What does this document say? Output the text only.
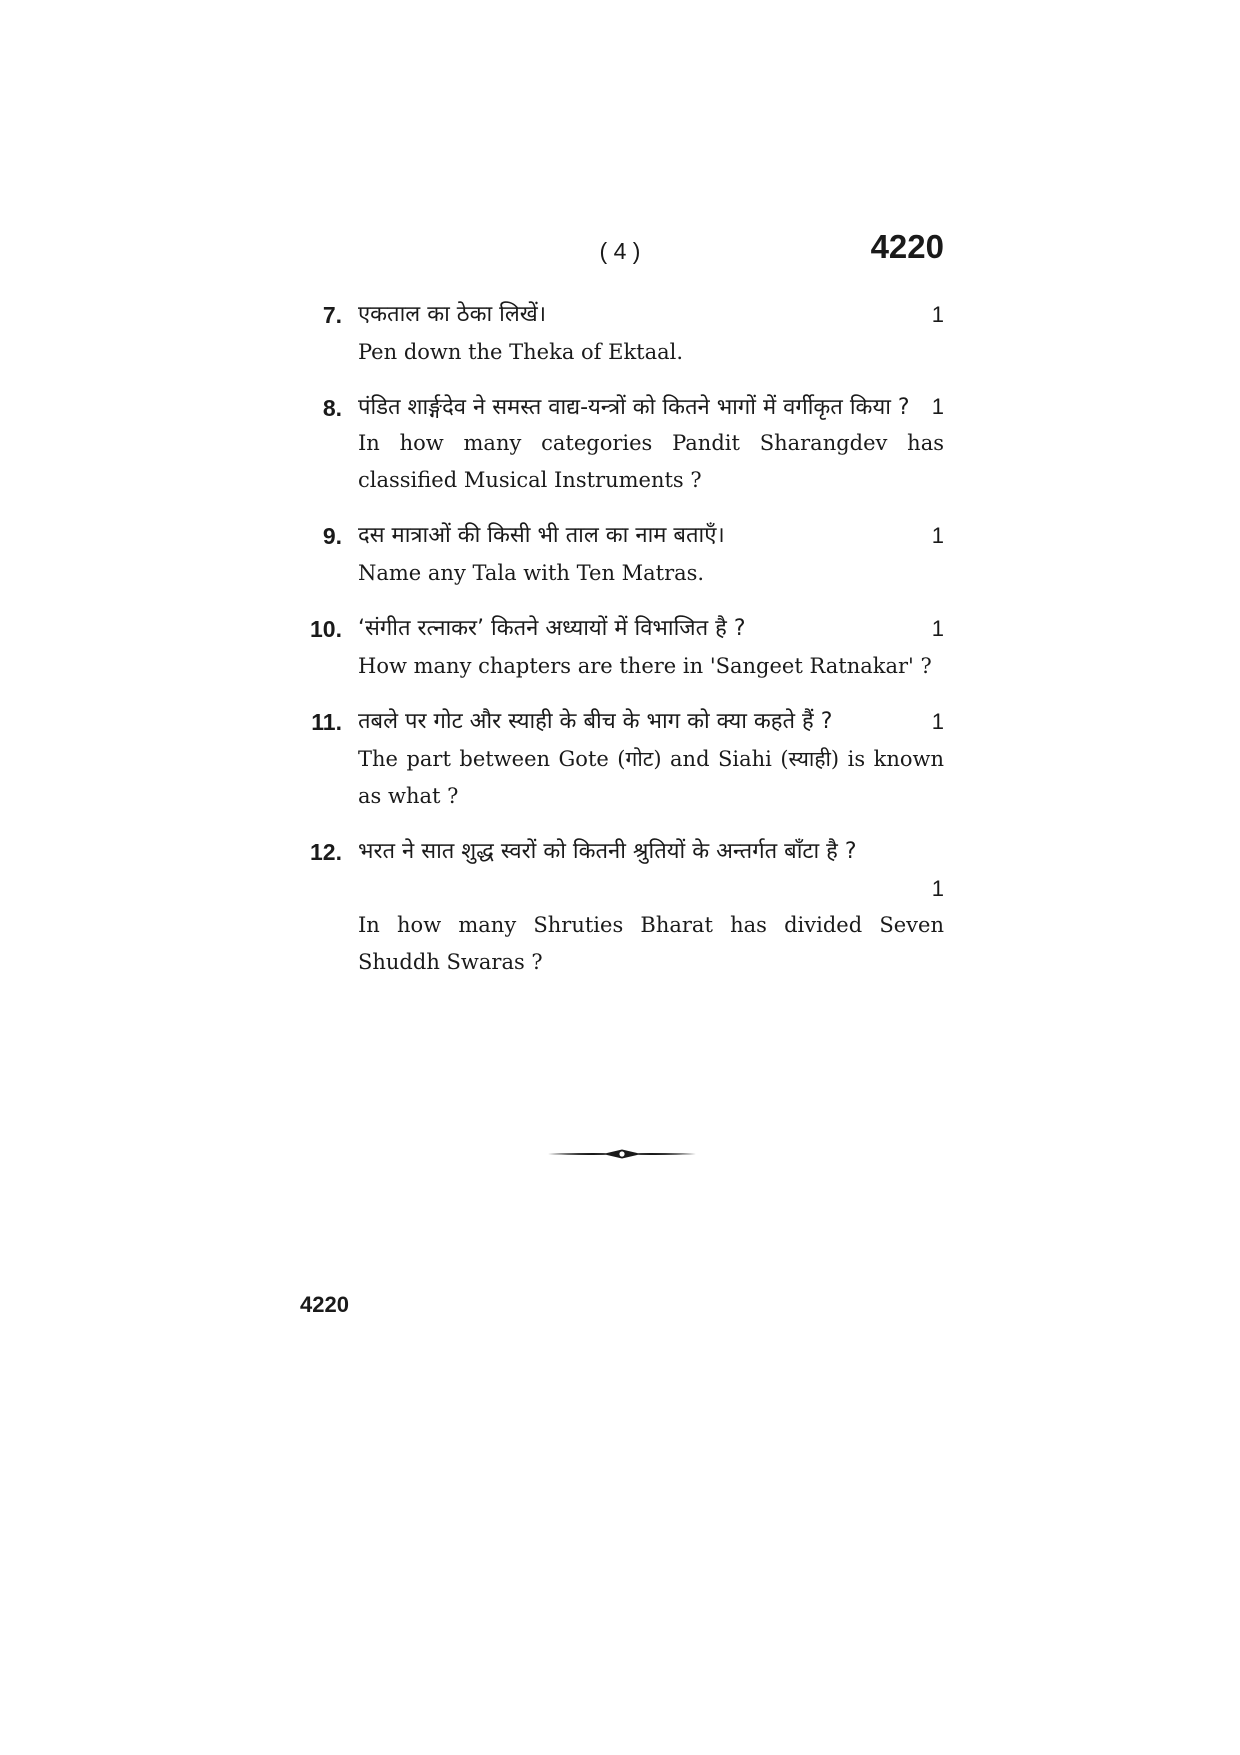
( 4 )	4220
7.	1
एकताल का ठेका लिखें।
Pen down the Theka of Ektaal.
8. पंडित शार्ङ्गदेव ने समस्त वाद्य-यन्त्रों को कितने भागों में वर्गीकृत किया ?	1
In how many categories Pandit Sharangdev has classified Musical Instruments ?
9.	1
दस मात्राओं की किसी भी ताल का नाम बताएँ।
Name any Tala with Ten Matras.
10.	1
‘संगीत रत्नाकर’ कितने अध्यायों में विभाजित है ?
How many chapters are there in 'Sangeet Ratnakar' ?
11.	1
तबले पर गोट और स्याही के बीच के भाग को क्या कहते हैं ?
The part between Gote (गोट) and Siahi (स्याही) is known as what ?
12. भरत ने सात शुद्ध स्वरों को कितनी श्रुतियों के अन्तर्गत बाँटा है ?
1
In how many Shruties Bharat has divided Seven Shuddh Swaras ?
4220
